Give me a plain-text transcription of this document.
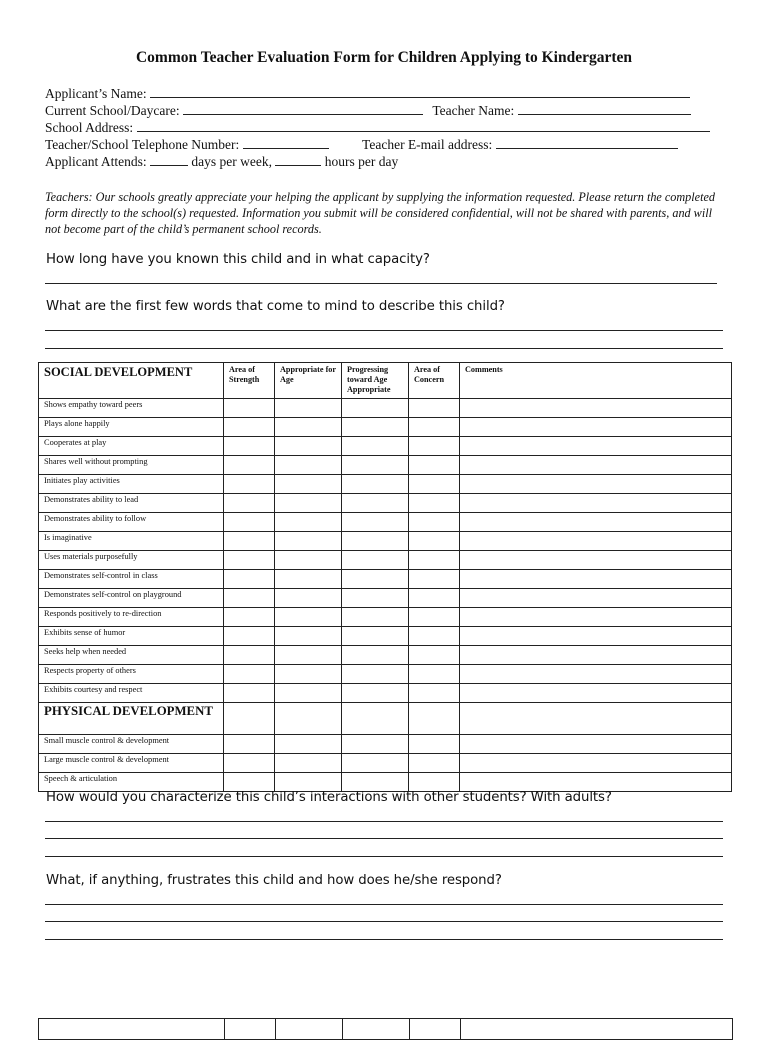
Common Teacher Evaluation Form for Children Applying to Kindergarten
Applicant’s Name:
Current School/Daycare:	Teacher Name:
School Address:
Teacher/School Telephone Number:	Teacher E-mail address:
Applicant Attends:	days per week,	hours per day
Teachers: Our schools greatly appreciate your helping the applicant by supplying the information requested. Please return the completed form directly to the school(s) requested. Information you submit will be considered confidential, will not be shared with parents, and will not become part of the child’s permanent school records.
How long have you known this child and in what capacity?
What are the first few words that come to mind to describe this child?
SOCIAL DEVELOPMENT	Area of Strength	Appropriate for Age	Progressing toward Age Appropriate	Area of Concern	Comments
Shows empathy toward peers					
Plays alone happily					
Cooperates at play					
Shares well without prompting					
Initiates play activities					
Demonstrates ability to lead					
Demonstrates ability to follow					
Is imaginative					
Uses materials purposefully					
Demonstrates self-control in class					
Demonstrates self-control on playground					
Responds positively to re-direction					
Exhibits sense of humor					
Seeks help when needed					
Respects property of others					
Exhibits courtesy and respect					
PHYSICAL DEVELOPMENT					
Small muscle control & development					
Large muscle control & development					
Speech & articulation					
How would you characterize this child’s interactions with other students? With adults?
What, if anything, frustrates this child and how does he/she respond?
